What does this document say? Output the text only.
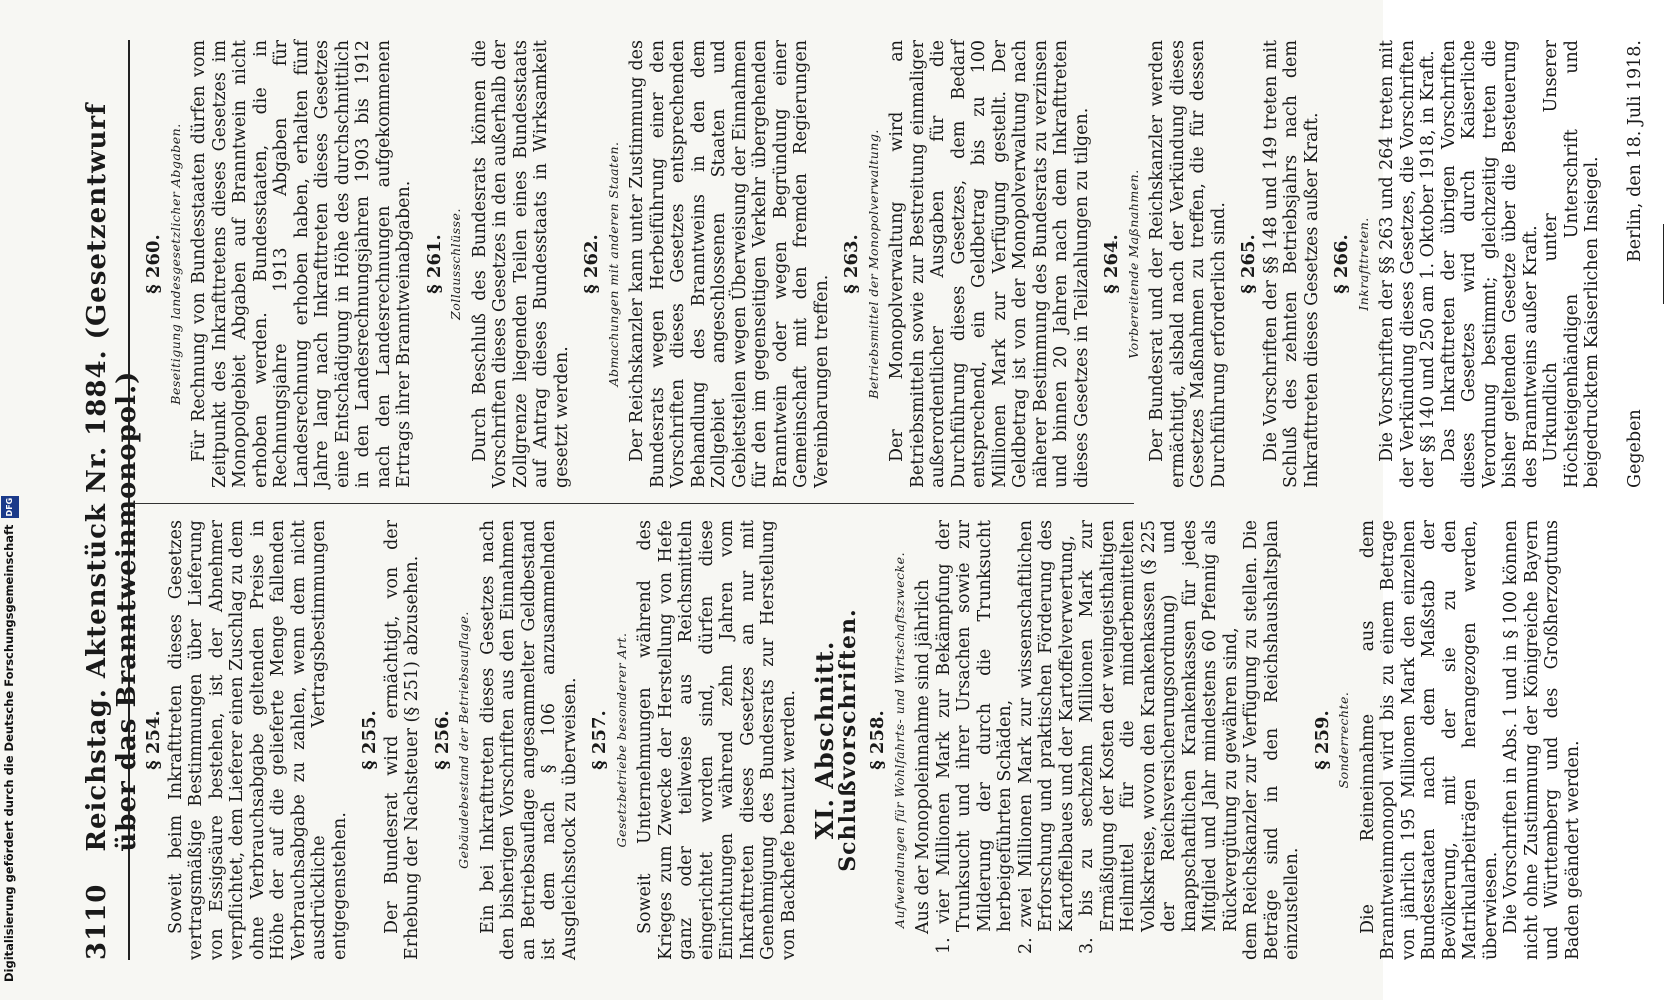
3110
Reichstag. Aktenstück Nr. 1884. (Gesetzentwurf über das Branntweinmonopol.) § 254. Soweit beim Inkrafttreten dieses Gesetzes vertragsmäßige Bestimmungen über Lieferung von Essigsäure bestehen, ist der Abnehmer verpflichtet, dem Lieferer einen Zuschlag zu dem ohne Verbrauchsabgabe geltenden Preise in Höhe der auf die gelieferte Menge fallenden Verbrauchsabgabe zu zahlen, wenn dem nicht ausdrückliche Vertragsbestimmungen entgegenstehen.

§ 255. Der Bundesrat wird ermächtigt, von der Erhebung der Nachsteuer (§ 251) abzusehen. § 256. Gebäudebestand der Betriebsauflage. Ein bei Inkrafttreten dieses Gesetzes nach den bisherigen Vorschriften aus den Einnahmen an Betriebsauflage angesammelter Geldbestand ist dem nach § 106 anzusammelnden Ausgleichsstock zu überweisen. § 257. Gesetzbetriebe besonderer Art. Soweit Unternehmungen während des Krieges zum Zwecke der Herstellung von Hefe ganz oder teilweise aus Reichsmitteln eingerichtet worden sind, dürfen diese Einrichtungen während zehn Jahren vom Inkrafttreten dieses Gesetzes an nur mit Genehmigung des Bundesrats zur Herstellung von Backhefe benutzt werden. XI. Abschnitt.
Schlußvorschriften. § 258. Aufwendungen für Wohlfahrts- und Wirtschaftszwecke. Aus der Monopoleinnahme sind jährlich

1. vier Millionen Mark zur Bekämpfung der Trunksucht und ihrer Ursachen sowie zur Milderung der durch die Trunksucht herbeigeführten Schäden,

2. zwei Millionen Mark zur wissenschaftlichen Erforschung und praktischen Förderung des Kartoffelbaues und der Kartoffelverwertung,

3. bis zu sechzehn Millionen Mark zur Ermäßigung der Kosten der weingeisthaltigen Heilmittel für die minderbemittelten Volkskreise, wovon den Krankenkassen (§ 225 der Reichsversicherungsordnung) und knappschaftlichen Krankenkassen für jedes Mitglied und Jahr mindestens 60 Pfennig als Rückvergütung zu gewähren sind, dem Reichskanzler zur Verfügung zu stellen. Die Beträge sind in den Reichshaushaltsplan einzustellen.

§ 259. Sonderrechte. Die Reineinnahme aus dem Branntweinmonopol wird bis zu einem Betrage von jährlich 195 Millionen Mark den einzelnen Bundesstaaten nach dem Maßstab der Bevölkerung, mit der sie zu den Matrikularbeiträgen herangezogen werden, überwiesen. Die Vorschriften in Abs. 1 und in § 100 können nicht ohne Zustimmung der Königreiche Bayern und Württemberg und des Großherzogtums Baden geändert werden.

§ 260. Beseitigung landesgesetzlicher Abgaben. Für Rechnung von Bundesstaaten dürfen vom Zeitpunkt des Inkrafttretens dieses Gesetzes im Monopolgebiet Abgaben auf Branntwein nicht erhoben werden. Bundesstaaten, die in Rechnungsjahre 1913 Abgaben für Landesrechnung erhoben haben, erhalten fünf Jahre lang nach Inkrafttreten dieses Gesetzes eine Entschädigung in Höhe des durchschnittlich in den Landesrechnungsjahren 1903 bis 1912 nach den Landesrechnungen aufgekommenen Ertrags ihrer Branntweinabgaben. § 261. Zollausschlüsse. Durch Beschluß des Bundesrats können die Vorschriften dieses Gesetzes in den außerhalb der Zollgrenze liegenden Teilen eines Bundesstaats auf Antrag dieses Bundesstaats in Wirksamkeit gesetzt werden.

§ 262. Abmachungen mit anderen Staaten. Der Reichskanzler kann unter Zustimmung des Bundesrats wegen Herbeiführung einer den Vorschriften dieses Gesetzes entsprechenden Behandlung des Branntweins in den dem Zollgebiet angeschlossenen Staaten und Gebietsteilen wegen Überweisung der Einnahmen für den im gegenseitigen Verkehr übergehenden Branntwein oder wegen Begründung einer Gemeinschaft mit den fremden Regierungen Vereinbarungen treffen.

§ 263. Betriebsmittel der Monopolverwaltung. Der Monopolverwaltung wird an Betriebsmitteln sowie zur Bestreitung einmaliger außerordentlicher Ausgaben für die Durchführung dieses Gesetzes, dem Bedarf entsprechend, ein Geldbetrag bis zu 100 Millionen Mark zur Verfügung gestellt. Der Geldbetrag ist von der Monopolverwaltung nach näherer Bestimmung des Bundesrats zu verzinsen und binnen 20 Jahren nach dem Inkrafttreten dieses Gesetzes in Teilzahlungen zu tilgen. § 264. Vorbereitende Maßnahmen. Der Bundesrat und der Reichskanzler werden ermächtigt, alsbald nach der Verkündung dieses Gesetzes Maßnahmen zu treffen, die für dessen Durchführung erforderlich sind. § 265. Die Vorschriften der §§ 148 und 149 treten mit Schluß des zehnten Betriebsjahrs nach dem Inkrafttreten dieses Gesetzes außer Kraft. § 266. Inkrafttreten. Die Vorschriften der §§ 263 und 264 treten mit der Verkündung dieses Gesetzes, die Vorschriften der §§ 140 und 250 am 1. Oktober 1918, in Kraft. Das Inkrafttreten der übrigen Vorschriften dieses Gesetzes wird durch Kaiserliche Verordnung bestimmt; gleichzeitig treten die bisher geltenden Gesetze über die Besteuerung des Branntweins außer Kraft. Urkundlich unter Unserer Höchsteigenhändigen Unterschrift und beigedrucktem Kaiserlichen Insiegel. Gegeben
Berlin, den 18. Juli 1918.
Digitalisierung gefördert durch die Deutsche ForschungsgemeinschaftDFG
